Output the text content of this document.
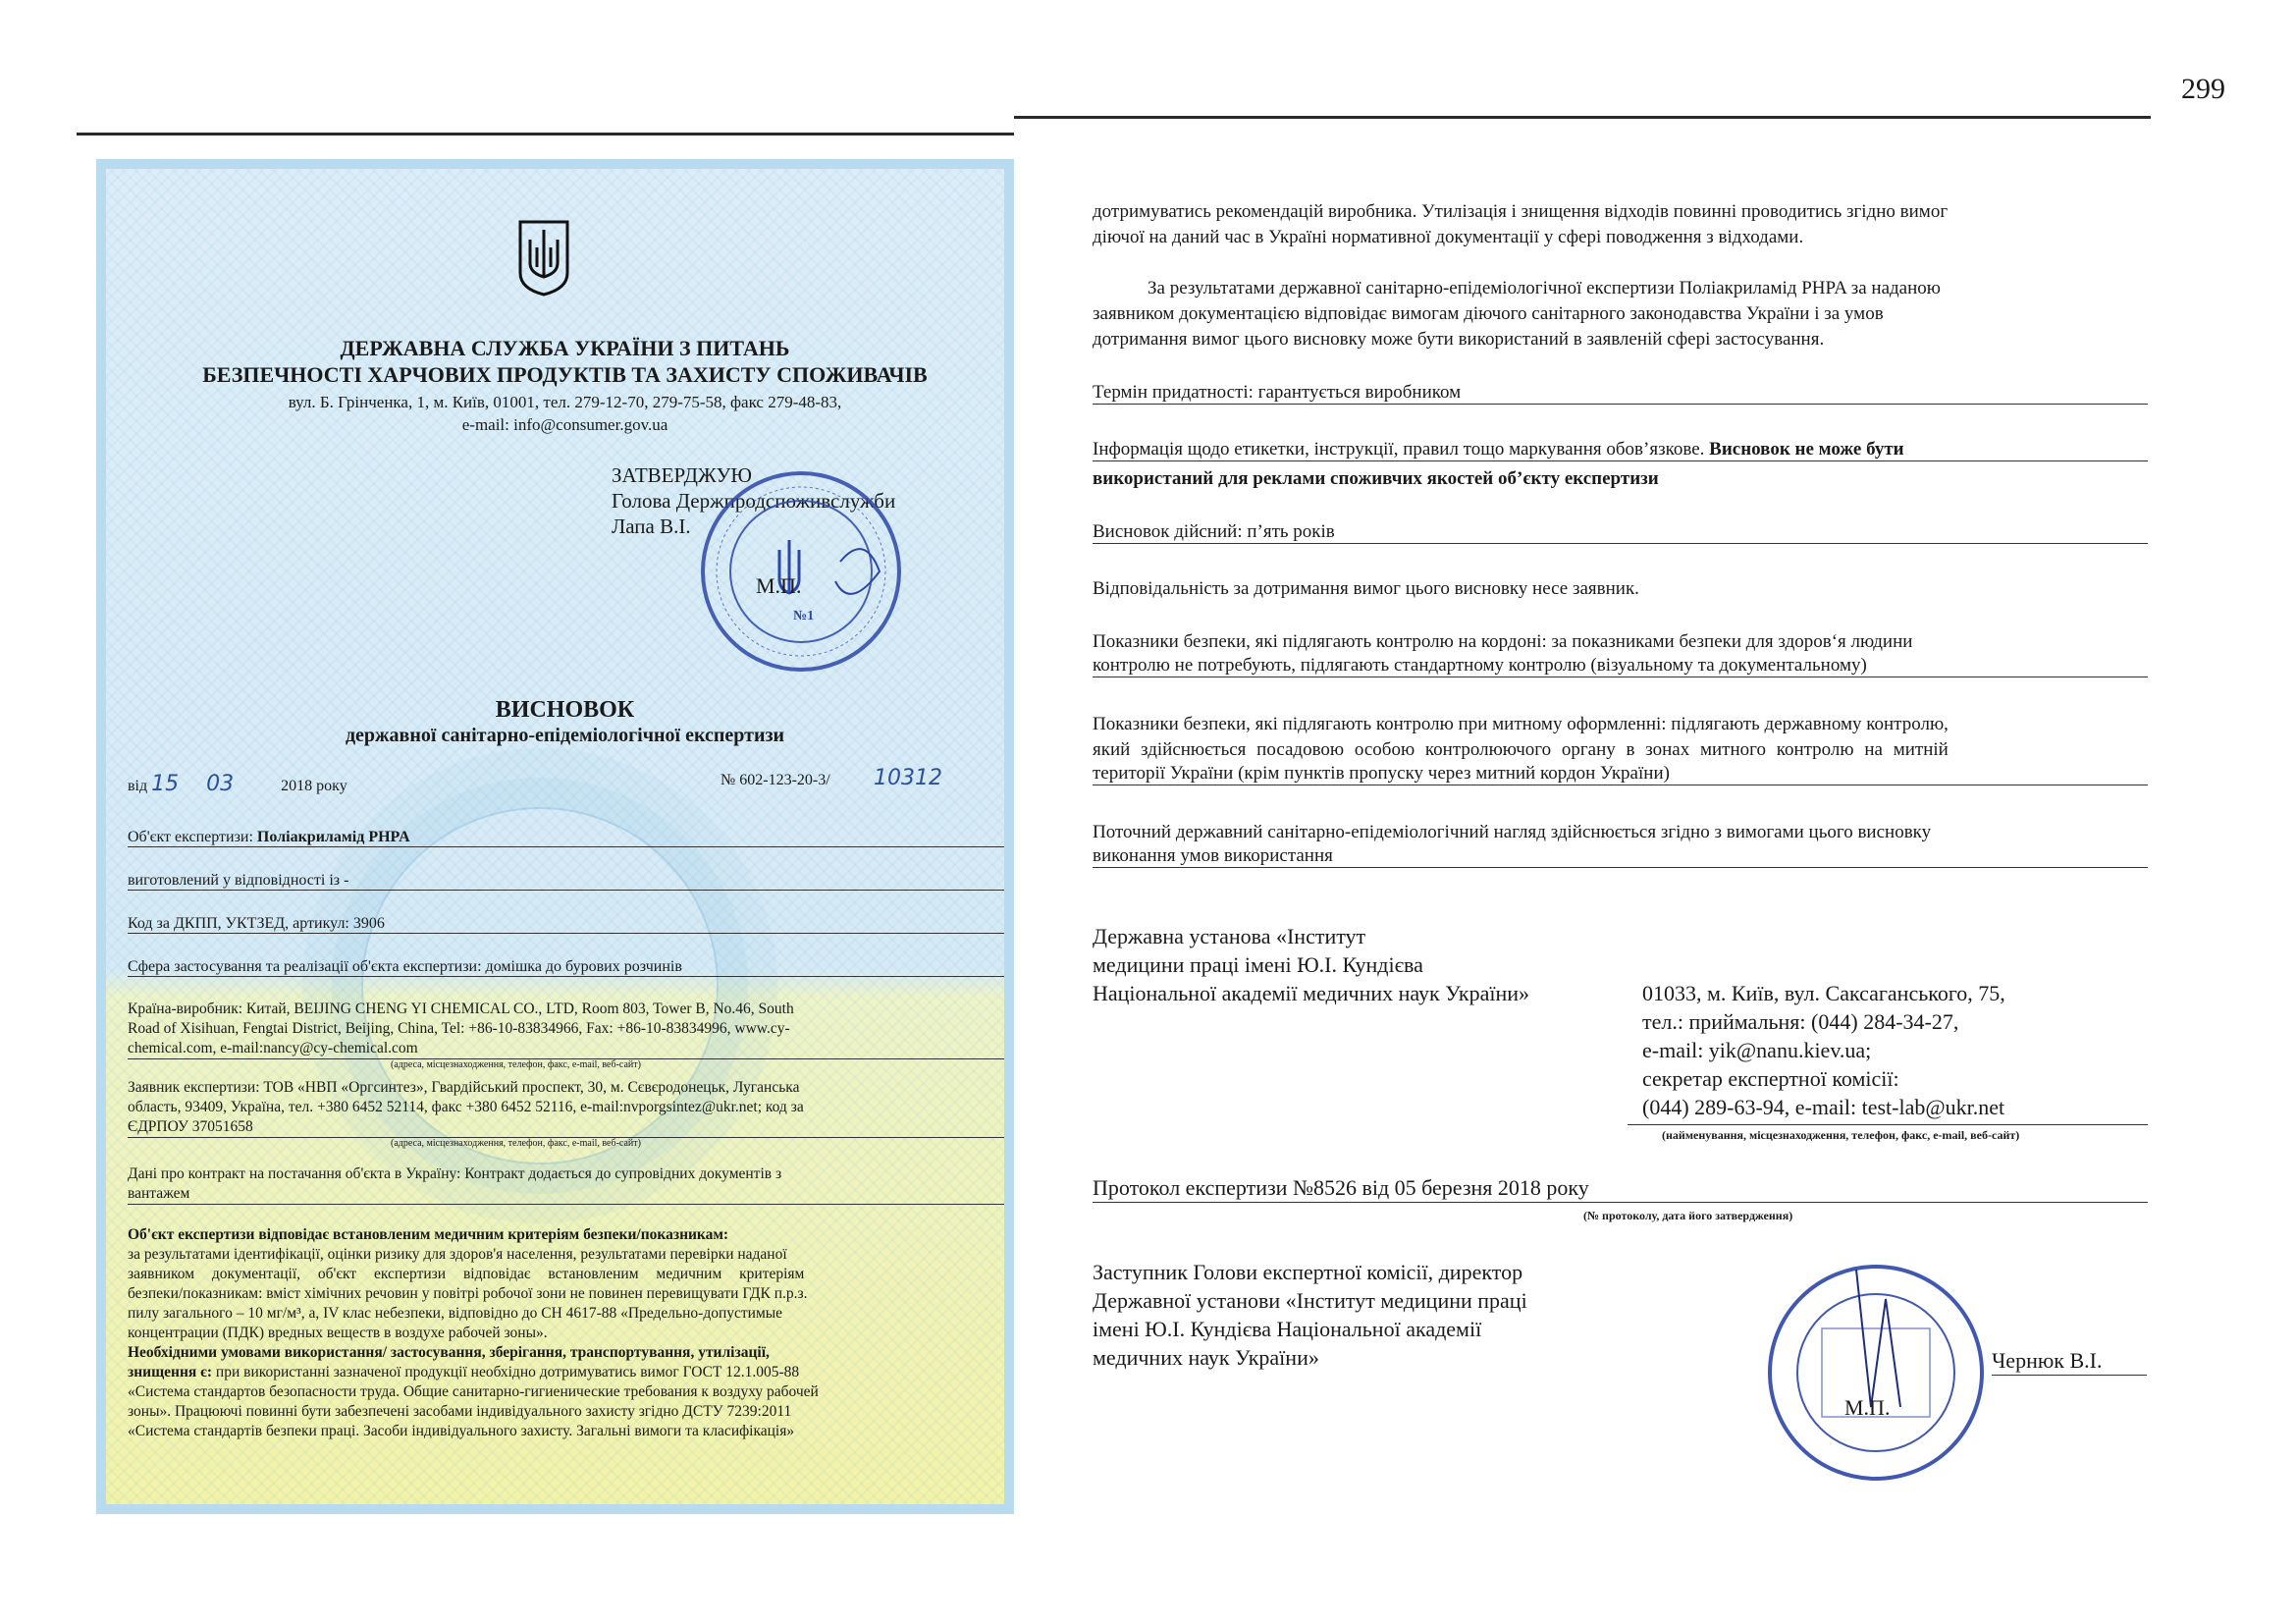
299
ДЕРЖАВНА СЛУЖБА УКРАЇНИ З ПИТАНЬ
БЕЗПЕЧНОСТІ ХАРЧОВИХ ПРОДУКТІВ ТА ЗАХИСТУ СПОЖИВАЧІВ
вул. Б. Грінченка, 1, м. Київ, 01001, тел. 279-12-70, 279-75-58, факс 279-48-83,
e-mail: info@consumer.gov.ua
ЗАТВЕРДЖУЮ
Голова Держпродспоживслужби
Лапа В.І.
М.П.
№1
ВИСНОВОК
державної санітарно-епідеміологічної експертизи
від 15 03	2018 року	№ 602-123-20-3/ 10312
Об'єкт експертизи: Поліакриламід PHPA
виготовлений у відповідності із -
Код за ДКПП, УКТЗЕД, артикул: 3906
Сфера застосування та реалізації об'єкта експертизи: домішка до бурових розчинів
Країна-виробник: Китай, BEIJING CHENG YI CHEMICAL CO., LTD, Room 803, Tower B, No.46, South
Road of Xisihuan, Fengtai District, Beijing, China, Tel: +86-10-83834966, Fax: +86-10-83834996, www.cy-
chemical.com, e-mail:nancy@cy-chemical.com
(адреса, місцезнаходження, телефон, факс, e-mail, веб-сайт)
Заявник експертизи: ТОВ «НВП «Оргсинтез», Гвардійський проспект, 30, м. Сєвєродонецьк, Луганська
область, 93409, Україна, тел. +380 6452 52114, факс +380 6452 52116, e-mail:nvporgsintez@ukr.net; код за
ЄДРПОУ 37051658
(адреса, місцезнаходження, телефон, факс, e-mail, веб-сайт)
Дані про контракт на постачання об'єкта в Україну: Контракт додається до супровідних документів з
вантажем
Об'єкт експертизи відповідає встановленим медичним критеріям безпеки/показникам:
за результатами ідентифікації, оцінки ризику для здоров'я населення, результатами перевірки наданої
заявником документації, об'єкт експертизи відповідає встановленим медичним критеріям
безпеки/показникам: вміст хімічних речовин у повітрі робочої зони не повинен перевищувати ГДК п.р.з.
пилу загального – 10 мг/м³, а, IV клас небезпеки, відповідно до СН 4617-88 «Предельно-допустимые
концентрации (ПДК) вредных веществ в воздухе рабочей зоны».
Необхідними умовами використання/ застосування, зберігання, транспортування, утилізації,
знищення є: при використанні зазначеної продукції необхідно дотримуватись вимог ГОСТ 12.1.005-88
«Система стандартов безопасности труда. Общие санитарно-гигиенические требования к воздуху рабочей
зоны». Працюючі повинні бути забезпечені засобами індивідуального захисту згідно ДСТУ 7239:2011
«Система стандартів безпеки праці. Засоби індивідуального захисту. Загальні вимоги та класифікація»
дотримуватись рекомендацій виробника. Утилізація і знищення відходів повинні проводитись згідно вимог
діючої на даний час в Україні нормативної документації у сфері поводження з відходами.
За результатами державної санітарно-епідеміологічної експертизи Поліакриламід PHPA за наданою
заявником документацією відповідає вимогам діючого санітарного законодавства України і за умов
дотримання вимог цього висновку може бути використаний в заявленій сфері застосування.
Термін придатності: гарантується виробником
Інформація щодо етикетки, інструкції, правил тощо маркування обов’язкове. Висновок не може бути
використаний для реклами споживчих якостей об’єкту експертизи
Висновок дійсний: п’ять років
Відповідальність за дотримання вимог цього висновку несе заявник.
Показники безпеки, які підлягають контролю на кордоні: за показниками безпеки для здоров‘я людини
контролю не потребують, підлягають стандартному контролю (візуальному та документальному)
Показники безпеки, які підлягають контролю при митному оформленні: підлягають державному контролю,
який здійснюється посадовою особою контролюючого органу в зонах митного контролю на митній
території України (крім пунктів пропуску через митний кордон України)
Поточний державний санітарно-епідеміологічний нагляд здійснюється згідно з вимогами цього висновку
виконання умов використання
Державна установа «Інститут
медицини праці імені Ю.І. Кундієва
Національної академії медичних наук України»	01033, м. Київ, вул. Саксаганського, 75,
тел.: приймальня: (044) 284-34-27,
e-mail: yik@nanu.kiev.ua;
секретар експертної комісії:
(044) 289-63-94, e-mail: test-lab@ukr.net
(найменування, місцезнаходження, телефон, факс, e-mail, веб-сайт)
Протокол експертизи №8526 від 05 березня 2018 року
(№ протоколу, дата його затвердження)
Заступник Голови експертної комісії, директор
Державної установи «Інститут медицини праці
імені Ю.І. Кундієва Національної академії
медичних наук України»
М.П.
Чернюк В.І.
